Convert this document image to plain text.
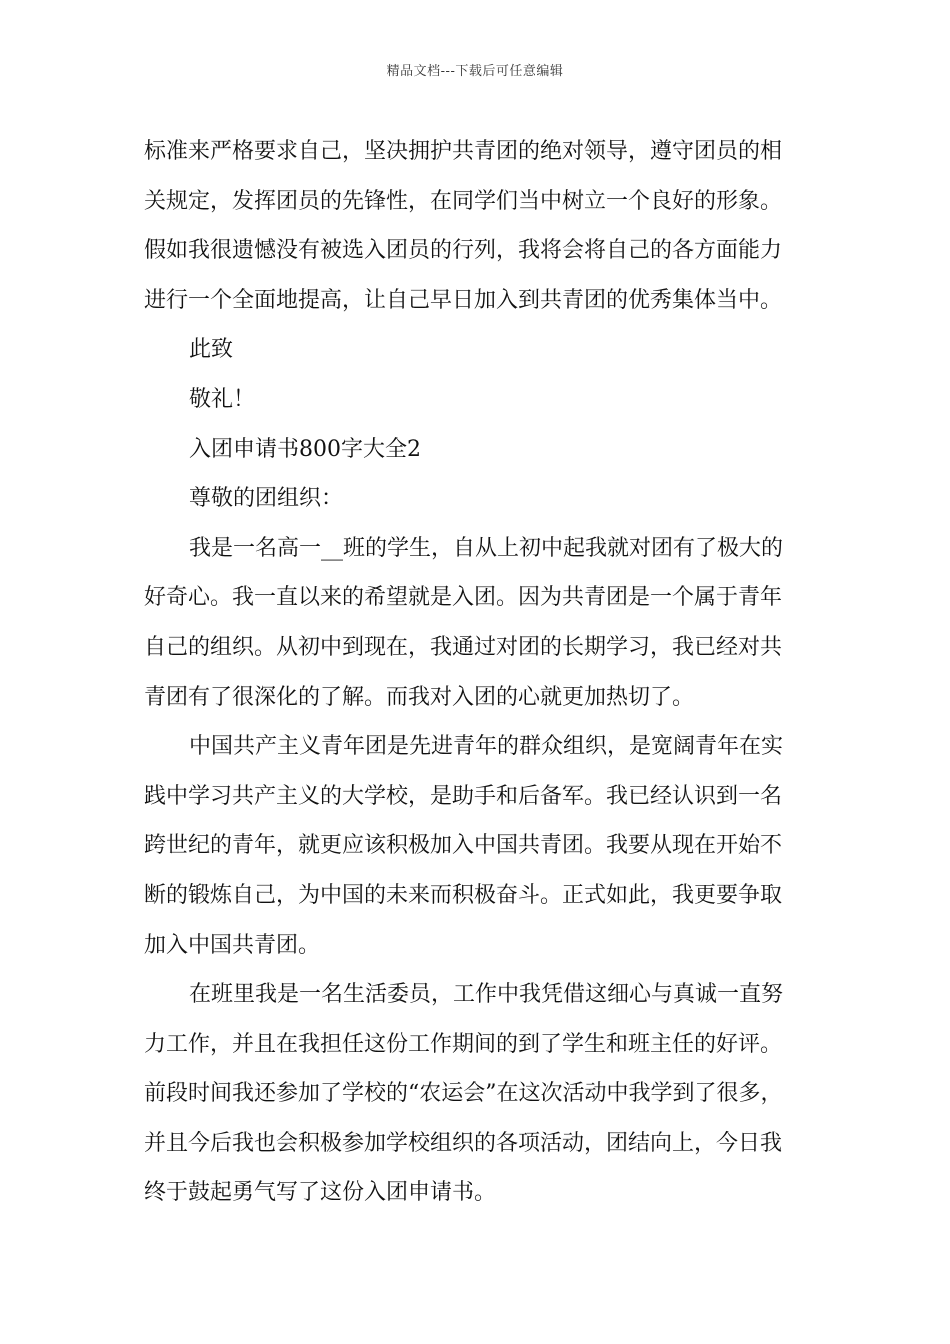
精品文档---下载后可任意编辑
标准来严格要求自己，坚决拥护共青团的绝对领导，遵守团员的相
关规定，发挥团员的先锋性，在同学们当中树立一个良好的形象。
假如我很遗憾没有被选入团员的行列，我将会将自己的各方面能力
进行一个全面地提高，让自己早日加入到共青团的优秀集体当中。
此致
敬礼！
入团申请书800字大全2
尊敬的团组织：
我是一名高一__班的学生，自从上初中起我就对团有了极大的
好奇心。我一直以来的希望就是入团。因为共青团是一个属于青年
自己的组织。从初中到现在，我通过对团的长期学习，我已经对共
青团有了很深化的了解。而我对入团的心就更加热切了。
中国共产主义青年团是先进青年的群众组织，是宽阔青年在实
践中学习共产主义的大学校，是助手和后备军。我已经认识到一名
跨世纪的青年，就更应该积极加入中国共青团。我要从现在开始不
断的锻炼自己，为中国的未来而积极奋斗。正式如此，我更要争取
加入中国共青团。
在班里我是一名生活委员，工作中我凭借这细心与真诚一直努
力工作，并且在我担任这份工作期间的到了学生和班主任的好评。
前段时间我还参加了学校的“农运会”在这次活动中我学到了很多，
并且今后我也会积极参加学校组织的各项活动，团结向上，今日我
终于鼓起勇气写了这份入团申请书。
